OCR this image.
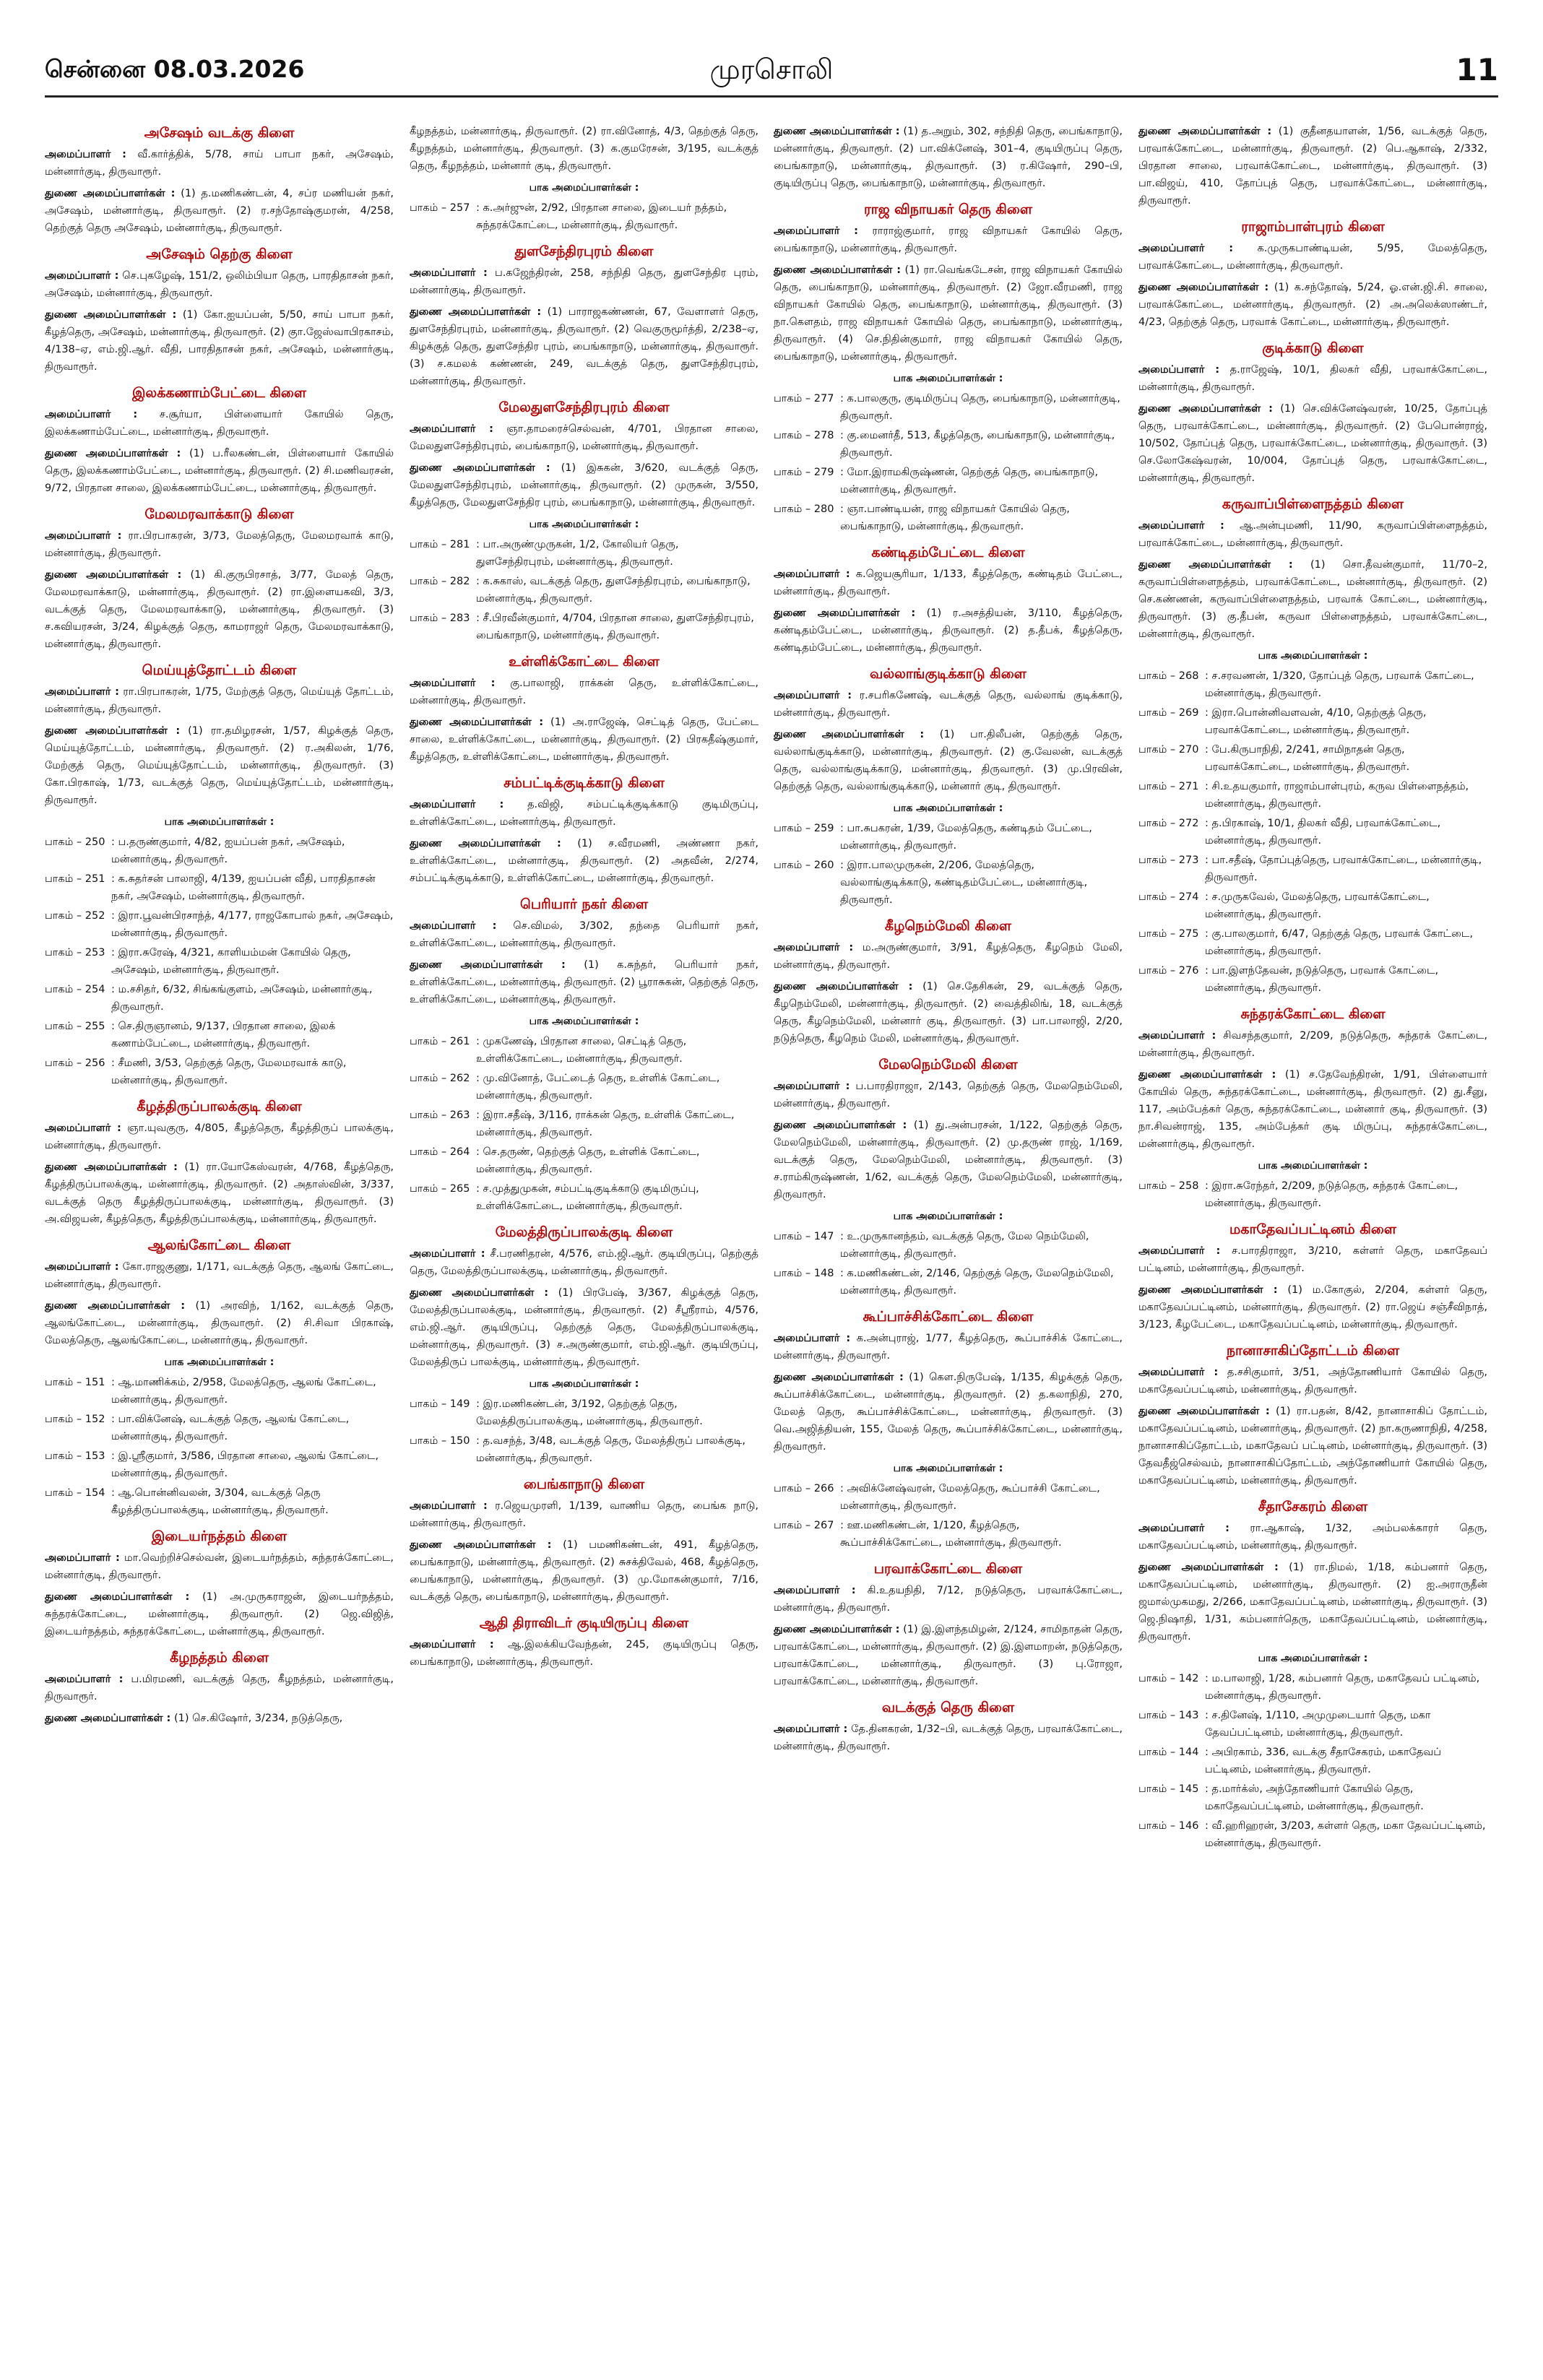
சென்னை 08.03.2026	முரசொலி	11
அசேஷம் வடக்கு கிளை
அமைப்பாளர் : வீ.கார்த்திக், 5/78, சாய் பாபா நகர், அசேஷம், மன்னார்குடி, திருவாரூர்.
துணை அமைப்பாளர்கள் : (1) த.மணிகண்டன், 4, சப்ர மணியன் நகர், அசேஷம், மன்னார்குடி, திருவாரூர். (2) ர.சந்தோஷ்குமரன், 4/258, தெற்குத் தெரு அசேஷம், மன்னார்குடி, திருவாரூர்.
அசேஷம் தெற்கு கிளை
அமைப்பாளர் : செ.புகழேஷ், 151/2, ஒலிம்பியா தெரு, பாரதிதாசன் நகர், அசேஷம், மன்னார்குடி, திருவாரூர்.
துணை அமைப்பாளர்கள் : (1) கோ.ஐயப்பன், 5/50, சாய் பாபா நகர், கீழத்தெரு, அசேஷம், மன்னார்குடி, திருவாரூர். (2) குா.ஜேஸ்வாபிரகாசம், 4/138–ஏ, எம்.ஜி.ஆர். வீதி, பாரதிதாசன் நகர், அசேஷம், மன்னார்குடி, திருவாரூர்.
இலக்கணாம்பேட்டை கிளை
அமைப்பாளர் : ச.சூர்யா, பிள்ளையார் கோயில் தெரு, இலக்கணாம்பேட்டை, மன்னார்குடி, திருவாரூர்.
துணை அமைப்பாளர்கள் : (1) ப.ரீலகண்டன், பிள்ளையார் கோயில் தெரு, இலக்கணாம்பேட்டை, மன்னார்குடி, திருவாரூர். (2) சி.மணிவரசன், 9/72, பிரதான சாலை, இலக்கணாம்பேட்டை, மன்னார்குடி, திருவாரூர்.
மேலமரவாக்காடு கிளை
அமைப்பாளர் : ரா.பிரபாகரன், 3/73, மேலத்தெரு, மேலமரவாக் காடு, மன்னார்குடி, திருவாரூர்.
துணை அமைப்பாளர்கள் : (1) கி.குருபிரசாத், 3/77, மேலத் தெரு, மேலமரவாக்காடு, மன்னார்குடி, திருவாரூர். (2) ரா.இளையகவி, 3/3, வடக்குத் தெரு, மேலமரவாக்காடு, மன்னார்குடி, திருவாரூர். (3) ச.கவியரசன், 3/24, கிழக்குத் தெரு, காமராஜர் தெரு, மேலமரவாக்காடு, மன்னார்குடி, திருவாரூர்.
மெய்யுத்தோட்டம் கிளை
அமைப்பாளர் : ரா.பிரபாகரன், 1/75, மேற்குத் தெரு, மெய்யுத் தோட்டம், மன்னார்குடி, திருவாரூர்.
துணை அமைப்பாளர்கள் : (1) ரா.தமிழரசன், 1/57, கிழக்குத் தெரு, மெய்யுத்தோட்டம், மன்னார்குடி, திருவாரூர். (2) ர.அகிலன், 1/76, மேற்குத் தெரு, மெய்யுத்தோட்டம், மன்னார்குடி, திருவாரூர். (3) கோ.பிரகாஷ், 1/73, வடக்குத் தெரு, மெய்யுத்தோட்டம், மன்னார்குடி, திருவாரூர்.
பாக அமைப்பாளர்கள் :
பாகம் – 250 : ப.தருண்குமார், 4/82, ஐயப்பன் நகர், அசேஷம், மன்னார்குடி, திருவாரூர்.
பாகம் – 251 : க.சுதர்சன் பாலாஜி, 4/139, ஐயப்பன் வீதி, பாரதிதாசன் நகர், அசேஷம், மன்னார்குடி, திருவாரூர்.
பாகம் – 252 : இரா.பூவன்பிரசாந்த், 4/177, ராஜகோபால் நகர், அசேஷம், மன்னார்குடி, திருவாரூர்.
பாகம் – 253 : இரா.சுரேஷ், 4/321, காளியம்மன் கோயில் தெரு, அசேஷம், மன்னார்குடி, திருவாரூர்.
பாகம் – 254 : ம.சசிதர், 6/32, சிங்கங்குளம், அசேஷம், மன்னார்குடி, திருவாரூர்.
பாகம் – 255 : செ.திருஞானம், 9/137, பிரதான சாலை, இலக் கணாம்பேட்டை, மன்னார்குடி, திருவாரூர்.
பாகம் – 256 : சீமணி, 3/53, தெற்குத் தெரு, மேலமரவாக் காடு, மன்னார்குடி, திருவாரூர்.
கீழத்திருப்பாலக்குடி கிளை
அமைப்பாளர் : ஞா.யுவகுரு, 4/805, கீழத்தெரு, கீழத்திருப் பாலக்குடி, மன்னார்குடி, திருவாரூர்.
துணை அமைப்பாளர்கள் : (1) ரா.யோகேஸ்வரன், 4/768, கீழத்தெரு, கீழத்திருப்பாலக்குடி, மன்னார்குடி, திருவாரூர். (2) அதாஸ்வின், 3/337, வடக்குத் தெரு கீழத்திருப்பாலக்குடி, மன்னார்குடி, திருவாரூர். (3) அ.விஜயன், கீழத்தெரு, கீழத்திருப்பாலக்குடி, மன்னார்குடி, திருவாரூர்.
ஆலங்கோட்டை கிளை
அமைப்பாளர் : கோ.ராஜகுணு, 1/171, வடக்குத் தெரு, ஆலங் கோட்டை, மன்னார்குடி, திருவாரூர்.
துணை அமைப்பாளர்கள் : (1) அரவிந், 1/162, வடக்குத் தெரு, ஆலங்கோட்டை, மன்னார்குடி, திருவாரூர். (2) சி.சிவா பிரகாஷ், மேலத்தெரு, ஆலங்கோட்டை, மன்னார்குடி, திருவாரூர்.
பாக அமைப்பாளர்கள் :
பாகம் – 151 : ஆ.மாணிக்கம், 2/958, மேலத்தெரு, ஆலங் கோட்டை, மன்னார்குடி, திருவாரூர்.
பாகம் – 152 : பா.விக்னேஷ், வடக்குத் தெரு, ஆலங் கோட்டை, மன்னார்குடி, திருவாரூர்.
பாகம் – 153 : இ.ஸ்ரீகுமார், 3/586, பிரதான சாலை, ஆலங் கோட்டை, மன்னார்குடி, திருவாரூர்.
பாகம் – 154 : ஆ.பொன்னிவலன், 3/304, வடக்குத் தெரு கீழத்திருப்பாலக்குடி, மன்னார்குடி, திருவாரூர்.
இடையர்நத்தம் கிளை
அமைப்பாளர் : மா.வெற்றிச்செல்வன், இடையர்நத்தம், சுந்தரக்கோட்டை, மன்னார்குடி, திருவாரூர்.
துணை அமைப்பாளர்கள் : (1) அ.முருகராஜன், இடையர்நத்தம், சுந்தரக்கோட்டை, மன்னார்குடி, திருவாரூர். (2) ஜெ.விஜித், இடையர்நத்தம், சுந்தரக்கோட்டை, மன்னார்குடி, திருவாரூர்.
கீழநத்தம் கிளை
அமைப்பாளர் : ப.மிரமணி, வடக்குத் தெரு, கீழநத்தம், மன்னார்குடி, திருவாரூர்.
துணை அமைப்பாளர்கள் : (1) செ.கிஷோர், 3/234, நடுத்தெரு,
கீழநத்தம், மன்னார்குடி, திருவாரூர். (2) ரா.வினோத், 4/3, தெற்குத் தெரு, கீழநத்தம், மன்னார்குடி, திருவாரூர். (3) க.குமரேசன், 3/195, வடக்குத் தெரு, கீழநத்தம், மன்னார் குடி, திருவாரூர்.
பாக அமைப்பாளர்கள் :
பாகம் – 257 : க.அர்ஜுன், 2/92, பிரதான சாலை, இடையர் நத்தம், சுந்தரக்கோட்டை, மன்னார்குடி, திருவாரூர்.
துளசேந்திரபுரம் கிளை
அமைப்பாளர் : ப.கஜேந்திரன், 258, சந்நிதி தெரு, துளசேந்திர புரம், மன்னார்குடி, திருவாரூர்.
துணை அமைப்பாளர்கள் : (1) பாராஜகண்ணன், 67, வேளாளர் தெரு, துளசேந்திரபுரம், மன்னார்குடி, திருவாரூர். (2) வெகுருமூர்த்தி, 2/238–ஏ, கிழக்குத் தெரு, துளசேந்திர புரம், பைங்காநாடு, மன்னார்குடி, திருவாரூர். (3) ச.கமலக் கண்ணன், 249, வடக்குத் தெரு, துளசேந்திரபுரம், மன்னார்குடி, திருவாரூர்.
மேலதுளசேந்திரபுரம் கிளை
அமைப்பாளர் : ஞா.தாமரைச்செல்வன், 4/701, பிரதான சாலை, மேலதுளசேந்திரபுரம், பைங்காநாடு, மன்னார்குடி, திருவாரூர்.
துணை அமைப்பாளர்கள் : (1) இசுகன், 3/620, வடக்குத் தெரு, மேலதுளசேந்திரபுரம், மன்னார்குடி, திருவாரூர். (2) முருகன், 3/550, கீழத்தெரு, மேலதுளசேந்திர புரம், பைங்காநாடு, மன்னார்குடி, திருவாரூர்.
பாக அமைப்பாளர்கள் :
பாகம் – 281 : பா.அருண்முருகன், 1/2, கோலியர் தெரு, துளசேந்திரபுரம், மன்னார்குடி, திருவாரூர்.
பாகம் – 282 : க.சுகாஸ், வடக்குத் தெரு, துளசேந்திரபுரம், பைங்காநாடு, மன்னார்குடி, திருவாரூர்.
பாகம் – 283 : சீ.பிரவீன்குமார், 4/704, பிரதான சாலை, துளசேந்திரபுரம், பைங்காநாடு, மன்னார்குடி, திருவாரூர்.
உள்ளிக்கோட்டை கிளை
அமைப்பாளர் : கு.பாலாஜி, ராக்கன் தெரு, உள்ளிக்கோட்டை, மன்னார்குடி, திருவாரூர்.
துணை அமைப்பாளர்கள் : (1) அ.ராஜேஷ், செட்டித் தெரு, பேட்டை சாலை, உள்ளிக்கோட்டை, மன்னார்குடி, திருவாரூர். (2) பிரகதீஷ்குமார், கீழத்தெரு, உள்ளிக்கோட்டை, மன்னார்குடி, திருவாரூர்.
சம்பட்டிக்குடிக்காடு கிளை
அமைப்பாளர் : த.விஜி, சம்பட்டிக்குடிக்காடு குடிமிருப்பு, உள்ளிக்கோட்டை, மன்னார்குடி, திருவாரூர்.
துணை அமைப்பாளர்கள் : (1) ச.வீரமணி, அண்ணா நகர், உள்ளிக்கோட்டை, மன்னார்குடி, திருவாரூர். (2) அதவீன், 2/274, சம்பட்டிக்குடிக்காடு, உள்ளிக்கோட்டை, மன்னார்குடி, திருவாரூர்.
பெரியார் நகர் கிளை
அமைப்பாளர் : செ.விமல், 3/302, தந்தை பெரியார் நகர், உள்ளிக்கோட்டை, மன்னார்குடி, திருவாரூர்.
துணை அமைப்பாளர்கள் : (1) க.சுந்தர், பெரியார் நகர், உள்ளிக்கோட்டை, மன்னார்குடி, திருவாரூர். (2) பூராசுகன், தெற்குத் தெரு, உள்ளிக்கோட்டை, மன்னார்குடி, திருவாரூர்.
பாக அமைப்பாளர்கள் :
பாகம் – 261 : முகணேஷ், பிரதான சாலை, செட்டித் தெரு, உள்ளிக்கோட்டை, மன்னார்குடி, திருவாரூர்.
பாகம் – 262 : மு.வினோத், பேட்டைத் தெரு, உள்ளிக் கோட்டை, மன்னார்குடி, திருவாரூர்.
பாகம் – 263 : இரா.சதீஷ், 3/116, ராக்கன் தெரு, உள்ளிக் கோட்டை, மன்னார்குடி, திருவாரூர்.
பாகம் – 264 : செ.தருண், தெற்குத் தெரு, உள்ளிக் கோட்டை, மன்னார்குடி, திருவாரூர்.
பாகம் – 265 : ச.முத்துமுகன், சம்பட்டிகுடிக்காடு குடிமிருப்பு, உள்ளிக்கோட்டை, மன்னார்குடி, திருவாரூர்.
மேலத்திருப்பாலக்குடி கிளை
அமைப்பாளர் : சீ.பரணிதரன், 4/576, எம்.ஜி.ஆர். குடியிருப்பு, தெற்குத் தெரு, மேலத்திருப்பாலக்குடி, மன்னார்குடி, திருவாரூர்.
துணை அமைப்பாளர்கள் : (1) பிரபேஷ், 3/367, கிழக்குத் தெரு, மேலத்திருப்பாலக்குடி, மன்னார்குடி, திருவாரூர். (2) சீஸ்ரீராம், 4/576, எம்.ஜி.ஆர். குடியிருப்பு, தெற்குத் தெரு, மேலத்திருப்பாலக்குடி, மன்னார்குடி, திருவாரூர். (3) ச.அருண்குமார், எம்.ஜி.ஆர். குடியிருப்பு, மேலத்திருப் பாலக்குடி, மன்னார்குடி, திருவாரூர்.
பாக அமைப்பாளர்கள் :
பாகம் – 149 : இர.மணிகண்டன், 3/192, தெற்குத் தெரு, மேலத்திருப்பாலக்குடி, மன்னார்குடி, திருவாரூர்.
பாகம் – 150 : த.வசந்த், 3/48, வடக்குத் தெரு, மேலத்திருப் பாலக்குடி, மன்னார்குடி, திருவாரூர்.
பைங்காநாடு கிளை
அமைப்பாளர் : ர.ஜெயமுரளி, 1/139, வாணிய தெரு, பைங்க நாடு, மன்னார்குடி, திருவாரூர்.
துணை அமைப்பாளர்கள் : (1) பமணிகண்டன், 491, கீழத்தெரு, பைங்காநாடு, மன்னார்குடி, திருவாரூர். (2) சுசக்திவேல், 468, கீழத்தெரு, பைங்காநாடு, மன்னார்குடி, திருவாரூர். (3) மு.மோகன்குமார், 7/16, வடக்குத் தெரு, பைங்காநாடு, மன்னார்குடி, திருவாரூர்.
ஆதி திராவிடர் குடியிருப்பு கிளை
அமைப்பாளர் : ஆ.இலக்கியவேந்தன், 245, குடியிருப்பு தெரு, பைங்காநாடு, மன்னார்குடி, திருவாரூர்.
துணை அமைப்பாளர்கள் : (1) த.அறும், 302, சந்நிதி தெரு, பைங்காநாடு, மன்னார்குடி, திருவாரூர். (2) பா.விக்னேஷ், 301–4, குடியிருப்பு தெரு, பைங்காநாடு, மன்னார்குடி, திருவாரூர். (3) ர.கிஷோர், 290–பி, குடியிருப்பு தெரு, பைங்காநாடு, மன்னார்குடி, திருவாரூர்.
ராஜ விநாயகர் தெரு கிளை
அமைப்பாளர் : ராராஜ்குமார், ராஜ விநாயகர் கோயில் தெரு, பைங்காநாடு, மன்னார்குடி, திருவாரூர்.
துணை அமைப்பாளர்கள் : (1) ரா.வெங்கடேசன், ராஜ விநாயகர் கோயில் தெரு, பைங்காநாடு, மன்னார்குடி, திருவாரூர். (2) ஜோ.வீரமணி, ராஜ விநாயகர் கோயில் தெரு, பைங்காநாடு, மன்னார்குடி, திருவாரூர். (3) நா.கௌதம், ராஜ விநாயகர் கோயில் தெரு, பைங்காநாடு, மன்னார்குடி, திருவாரூர். (4) செ.நிதின்குமார், ராஜ விநாயகர் கோயில் தெரு, பைங்காநாடு, மன்னார்குடி, திருவாரூர்.
பாக அமைப்பாளர்கள் :
பாகம் – 277 : க.பாலகுரு, குடிமிருப்பு தெரு, பைங்காநாடு, மன்னார்குடி, திருவாரூர்.
பாகம் – 278 : கு.மைனர்தீ, 513, கீழத்தெரு, பைங்காநாடு, மன்னார்குடி, திருவாரூர்.
பாகம் – 279 : மோ.இராமகிருஷ்ணன், தெற்குத் தெரு, பைங்காநாடு, மன்னார்குடி, திருவாரூர்.
பாகம் – 280 : ஞா.பாண்டியன், ராஜ விநாயகர் கோயில் தெரு, பைங்காநாடு, மன்னார்குடி, திருவாரூர்.
கண்டிதம்பேட்டை கிளை
அமைப்பாளர் : க.ஜெயசூரியா, 1/133, கீழத்தெரு, கண்டிதம் பேட்டை, மன்னார்குடி, திருவாரூர்.
துணை அமைப்பாளர்கள் : (1) ர.அசத்தியன், 3/110, கீழத்தெரு, கண்டிதம்பேட்டை, மன்னார்குடி, திருவாரூர். (2) த.தீபக், கீழத்தெரு, கண்டிதம்பேட்டை, மன்னார்குடி, திருவாரூர்.
வல்லாங்குடிக்காடு கிளை
அமைப்பாளர் : ர.சபரிகணேஷ், வடக்குத் தெரு, வல்லாங் குடிக்காடு, மன்னார்குடி, திருவாரூர்.
துணை அமைப்பாளர்கள் : (1) பா.திலீபன், தெற்குத் தெரு, வல்லாங்குடிக்காடு, மன்னார்குடி, திருவாரூர். (2) கு.வேலன், வடக்குத் தெரு, வல்லாங்குடிக்காடு, மன்னார்குடி, திருவாரூர். (3) மு.பிரவின், தெற்குத் தெரு, வல்லாங்குடிக்காடு, மன்னார் குடி, திருவாரூர்.
பாக அமைப்பாளர்கள் :
பாகம் – 259 : பா.சுபகரன், 1/39, மேலத்தெரு, கண்டிதம் பேட்டை, மன்னார்குடி, திருவாரூர்.
பாகம் – 260 : இரா.பாலமுருகன், 2/206, மேலத்தெரு, வல்லாங்குடிக்காடு, கண்டிதம்பேட்டை, மன்னார்குடி, திருவாரூர்.
கீழநெம்மேலி கிளை
அமைப்பாளர் : ம.அருண்குமார், 3/91, கீழத்தெரு, கீழநெம் மேலி, மன்னார்குடி, திருவாரூர்.
துணை அமைப்பாளர்கள் : (1) செ.தேசிகன், 29, வடக்குத் தெரு, கீழநெம்மேலி, மன்னார்குடி, திருவாரூர். (2) வைத்திலிங், 18, வடக்குத் தெரு, கீழநெம்மேலி, மன்னார் குடி, திருவாரூர். (3) பா.பாலாஜி, 2/20, நடுத்தெரு, கீழநெம் மேலி, மன்னார்குடி, திருவாரூர்.
மேலநெம்மேலி கிளை
அமைப்பாளர் : ப.பாரதிராஜா, 2/143, தெற்குத் தெரு, மேலநெம்மேலி, மன்னார்குடி, திருவாரூர்.
துணை அமைப்பாளர்கள் : (1) து.அன்பரசன், 1/122, தெற்குத் தெரு, மேலநெம்மேலி, மன்னார்குடி, திருவாரூர். (2) மு.தருண் ராஜ், 1/169, வடக்குத் தெரு, மேலநெம்மேலி, மன்னார்குடி, திருவாரூர். (3) ச.ராம்கிருஷ்ணன், 1/62, வடக்குத் தெரு, மேலநெம்மேலி, மன்னார்குடி, திருவாரூர்.
பாக அமைப்பாளர்கள் :
பாகம் – 147 : உ.முருகானந்தம், வடக்குத் தெரு, மேல நெம்மேலி, மன்னார்குடி, திருவாரூர்.
பாகம் – 148 : க.மணிகண்டன், 2/146, தெற்குத் தெரு, மேலநெம்மேலி, மன்னார்குடி, திருவாரூர்.
கூப்பாச்சிக்கோட்டை கிளை
அமைப்பாளர் : க.அன்புராஜ், 1/77, கீழத்தெரு, கூப்பாச்சிக் கோட்டை, மன்னார்குடி, திருவாரூர்.
துணை அமைப்பாளர்கள் : (1) கௌ.நிருபேஷ், 1/135, கிழக்குத் தெரு, கூப்பாச்சிக்கோட்டை, மன்னார்குடி, திருவாரூர். (2) த.கலாநிதி, 270, மேலத் தெரு, கூப்பாச்சிக்கோட்டை, மன்னார்குடி, திருவாரூர். (3) வெ.அஜித்தியன், 155, மேலத் தெரு, கூப்பாச்சிக்கோட்டை, மன்னார்குடி, திருவாரூர்.
பாக அமைப்பாளர்கள் :
பாகம் – 266 : அவிக்னேஷ்வரன், மேலத்தெரு, கூப்பாச்சி கோட்டை, மன்னார்குடி, திருவாரூர்.
பாகம் – 267 : ஊ.மணிகண்டன், 1/120, கீழத்தெரு, கூப்பாச்சிக்கோட்டை, மன்னார்குடி, திருவாரூர்.
பரவாக்கோட்டை கிளை
அமைப்பாளர் : கி.உதயநிதி, 7/12, நடுத்தெரு, பரவாக்கோட்டை, மன்னார்குடி, திருவாரூர்.
துணை அமைப்பாளர்கள் : (1) இ.இளந்தமிழன், 2/124, சாமிநாதன் தெரு, பரவாக்கோட்டை, மன்னார்குடி, திருவாரூர். (2) இ.இளமாறன், நடுத்தெரு, பரவாக்கோட்டை, மன்னார்குடி, திருவாரூர். (3) பு.ரோஜா, பரவாக்கோட்டை, மன்னார்குடி, திருவாரூர்.
வடக்குத் தெரு கிளை
அமைப்பாளர் : தே.தினகரன், 1/32–பி, வடக்குத் தெரு, பரவாக்கோட்டை, மன்னார்குடி, திருவாரூர்.
துணை அமைப்பாளர்கள் : (1) குதீனதயாளன், 1/56, வடக்குத் தெரு, பரவாக்கோட்டை, மன்னார்குடி, திருவாரூர். (2) பெ.ஆகாஷ், 2/332, பிரதான சாலை, பரவாக்கோட்டை, மன்னார்குடி, திருவாரூர். (3) பா.விஜய், 410, தோப்புத் தெரு, பரவாக்கோட்டை, மன்னார்குடி, திருவாரூர்.
ராஜாம்பாள்புரம் கிளை
அமைப்பாளர் : க.முருகபாண்டியன், 5/95, மேலத்தெரு, பரவாக்கோட்டை, மன்னார்குடி, திருவாரூர்.
துணை அமைப்பாளர்கள் : (1) க.சந்தோஷ், 5/24, ஓ.என்.ஜி.சி. சாலை, பரவாக்கோட்டை, மன்னார்குடி, திருவாரூர். (2) அ.அலெக்ஸாண்டர், 4/23, தெற்குத் தெரு, பரவாக் கோட்டை, மன்னார்குடி, திருவாரூர்.
குடிக்காடு கிளை
அமைப்பாளர் : த.ராஜேஷ், 10/1, திலகர் வீதி, பரவாக்கோட்டை, மன்னார்குடி, திருவாரூர்.
துணை அமைப்பாளர்கள் : (1) செ.விக்னேஷ்வரன், 10/25, தோப்புத் தெரு, பரவாக்கோட்டை, மன்னார்குடி, திருவாரூர். (2) பேபொன்ராஜ், 10/502, தோப்புத் தெரு, பரவாக்கோட்டை, மன்னார்குடி, திருவாரூர். (3) செ.லோகேஷ்வரன், 10/004, தோப்புத் தெரு, பரவாக்கோட்டை, மன்னார்குடி, திருவாரூர்.
கருவாப்பிள்ளைநத்தம் கிளை
அமைப்பாளர் : ஆ.அன்புமணி, 11/90, கருவாப்பிள்ளைநத்தம், பரவாக்கோட்டை, மன்னார்குடி, திருவாரூர்.
துணை அமைப்பாளர்கள் : (1) சொ.தீவன்குமார், 11/70–2, கருவாப்பிள்ளைநத்தம், பரவாக்கோட்டை, மன்னார்குடி, திருவாரூர். (2) செ.கண்ணன், கருவாப்பிள்ளைநத்தம், பரவாக் கோட்டை, மன்னார்குடி, திருவாரூர். (3) கு.தீபன், கருவா பிள்ளைநத்தம், பரவாக்கோட்டை, மன்னார்குடி, திருவாரூர்.
பாக அமைப்பாளர்கள் :
பாகம் – 268 : ச.சரவணன், 1/320, தோப்புத் தெரு, பரவாக் கோட்டை, மன்னார்குடி, திருவாரூர்.
பாகம் – 269 : இரா.பொன்னிவளவன், 4/10, தெற்குத் தெரு, பரவாக்கோட்டை, மன்னார்குடி, திருவாரூர்.
பாகம் – 270 : பே.கிருபாநிதி, 2/241, சாமிநாதன் தெரு, பரவாக்கோட்டை, மன்னார்குடி, திருவாரூர்.
பாகம் – 271 : சி.உதயகுமார், ராஜாம்பாள்புரம், கருவ பிள்ளைநத்தம், மன்னார்குடி, திருவாரூர்.
பாகம் – 272 : த.பிரகாஷ், 10/1, திலகர் வீதி, பரவாக்கோட்டை, மன்னார்குடி, திருவாரூர்.
பாகம் – 273 : பா.சதீஷ், தோப்புத்தெரு, பரவாக்கோட்டை, மன்னார்குடி, திருவாரூர்.
பாகம் – 274 : ச.முருகவேல், மேலத்தெரு, பரவாக்கோட்டை, மன்னார்குடி, திருவாரூர்.
பாகம் – 275 : கு.பாலகுமார், 6/47, தெற்குத் தெரு, பரவாக் கோட்டை, மன்னார்குடி, திருவாரூர்.
பாகம் – 276 : பா.இளந்தேவன், நடுத்தெரு, பரவாக் கோட்டை, மன்னார்குடி, திருவாரூர்.
சுந்தரக்கோட்டை கிளை
அமைப்பாளர் : சிவசந்தகுமார், 2/209, நடுத்தெரு, சுந்தரக் கோட்டை, மன்னார்குடி, திருவாரூர்.
துணை அமைப்பாளர்கள் : (1) ச.தேவேந்திரன், 1/91, பிள்ளையார் கோயில் தெரு, சுந்தரக்கோட்டை, மன்னார்குடி, திருவாரூர். (2) து.சீனு, 117, அம்பேத்கர் தெரு, சுந்தரக்கோட்டை, மன்னார் குடி, திருவாரூர். (3) நா.சிவன்ராஜ், 135, அம்பேத்கர் குடி மிருப்பு, சுந்தரக்கோட்டை, மன்னார்குடி, திருவாரூர்.
பாக அமைப்பாளர்கள் :
பாகம் – 258 : இரா.சுரேந்தர், 2/209, நடுத்தெரு, சுந்தரக் கோட்டை, மன்னார்குடி, திருவாரூர்.
மகாதேவப்பட்டினம் கிளை
அமைப்பாளர் : ச.பாரதிராஜா, 3/210, கள்ளர் தெரு, மகாதேவப் பட்டினம், மன்னார்குடி, திருவாரூர்.
துணை அமைப்பாளர்கள் : (1) ம.கோகுல், 2/204, கள்ளர் தெரு, மகாதேவப்பட்டினம், மன்னார்குடி, திருவாரூர். (2) ரா.ஜெய் சஞ்சீவிநாத், 3/123, கீழபேட்டை, மகாதேவப்பட்டினம், மன்னார்குடி, திருவாரூர்.
நானாசாகிப்தோட்டம் கிளை
அமைப்பாளர் : த.சசிகுமார், 3/51, அந்தோணியார் கோயில் தெரு, மகாதேவப்பட்டினம், மன்னார்குடி, திருவாரூர்.
துணை அமைப்பாளர்கள் : (1) ரா.பதன், 8/42, நானாசாகிப் தோட்டம், மகாதேவப்பட்டினம், மன்னார்குடி, திருவாரூர். (2) நா.கருணாநிதி, 4/258, நானாசாகிப்தோட்டம், மகாதேவப் பட்டினம், மன்னார்குடி, திருவாரூர். (3) தேவதீஜ்செல்வம், நானாசாகிப்தோட்டம், அந்தோணியார் கோயில் தெரு, மகாதேவப்பட்டினம், மன்னார்குடி, திருவாரூர்.
சீதாசேகரம் கிளை
அமைப்பாளர் : ரா.ஆகாஷ், 1/32, அம்பலக்காரர் தெரு, மகாதேவப்பட்டினம், மன்னார்குடி, திருவாரூர்.
துணை அமைப்பாளர்கள் : (1) ரா.நிமல், 1/18, கம்பனார் தெரு, மகாதேவப்பட்டினம், மன்னார்குடி, திருவாரூர். (2) ஐ.அராருதீன் ஜமால்முகமது, 2/266, மகாதேவப்பட்டினம், மன்னார்குடி, திருவாரூர். (3) ஜெ.நிஷாதி, 1/31, கம்பனார்தெரு, மகாதேவப்பட்டினம், மன்னார்குடி, திருவாரூர்.
பாக அமைப்பாளர்கள் :
பாகம் – 142 : ம.பாலாஜி, 1/28, கம்பனார் தெரு, மகாதேவப் பட்டினம், மன்னார்குடி, திருவாரூர்.
பாகம் – 143 : ச.தினேஷ், 1/110, அமுமுடையார் தெரு, மகா தேவப்பட்டினம், மன்னார்குடி, திருவாரூர்.
பாகம் – 144 : அபிரகாம், 336, வடக்கு சீதாசேகரம், மகாதேவப் பட்டினம், மன்னார்குடி, திருவாரூர்.
பாகம் – 145 : த.மார்க்ஸ், அந்தோணியார் கோயில் தெரு, மகாதேவப்பட்டினம், மன்னார்குடி, திருவாரூர்.
பாகம் – 146 : வீ.ஹரிஹரன், 3/203, கள்ளர் தெரு, மகா தேவப்பட்டினம், மன்னார்குடி, திருவாரூர்.
